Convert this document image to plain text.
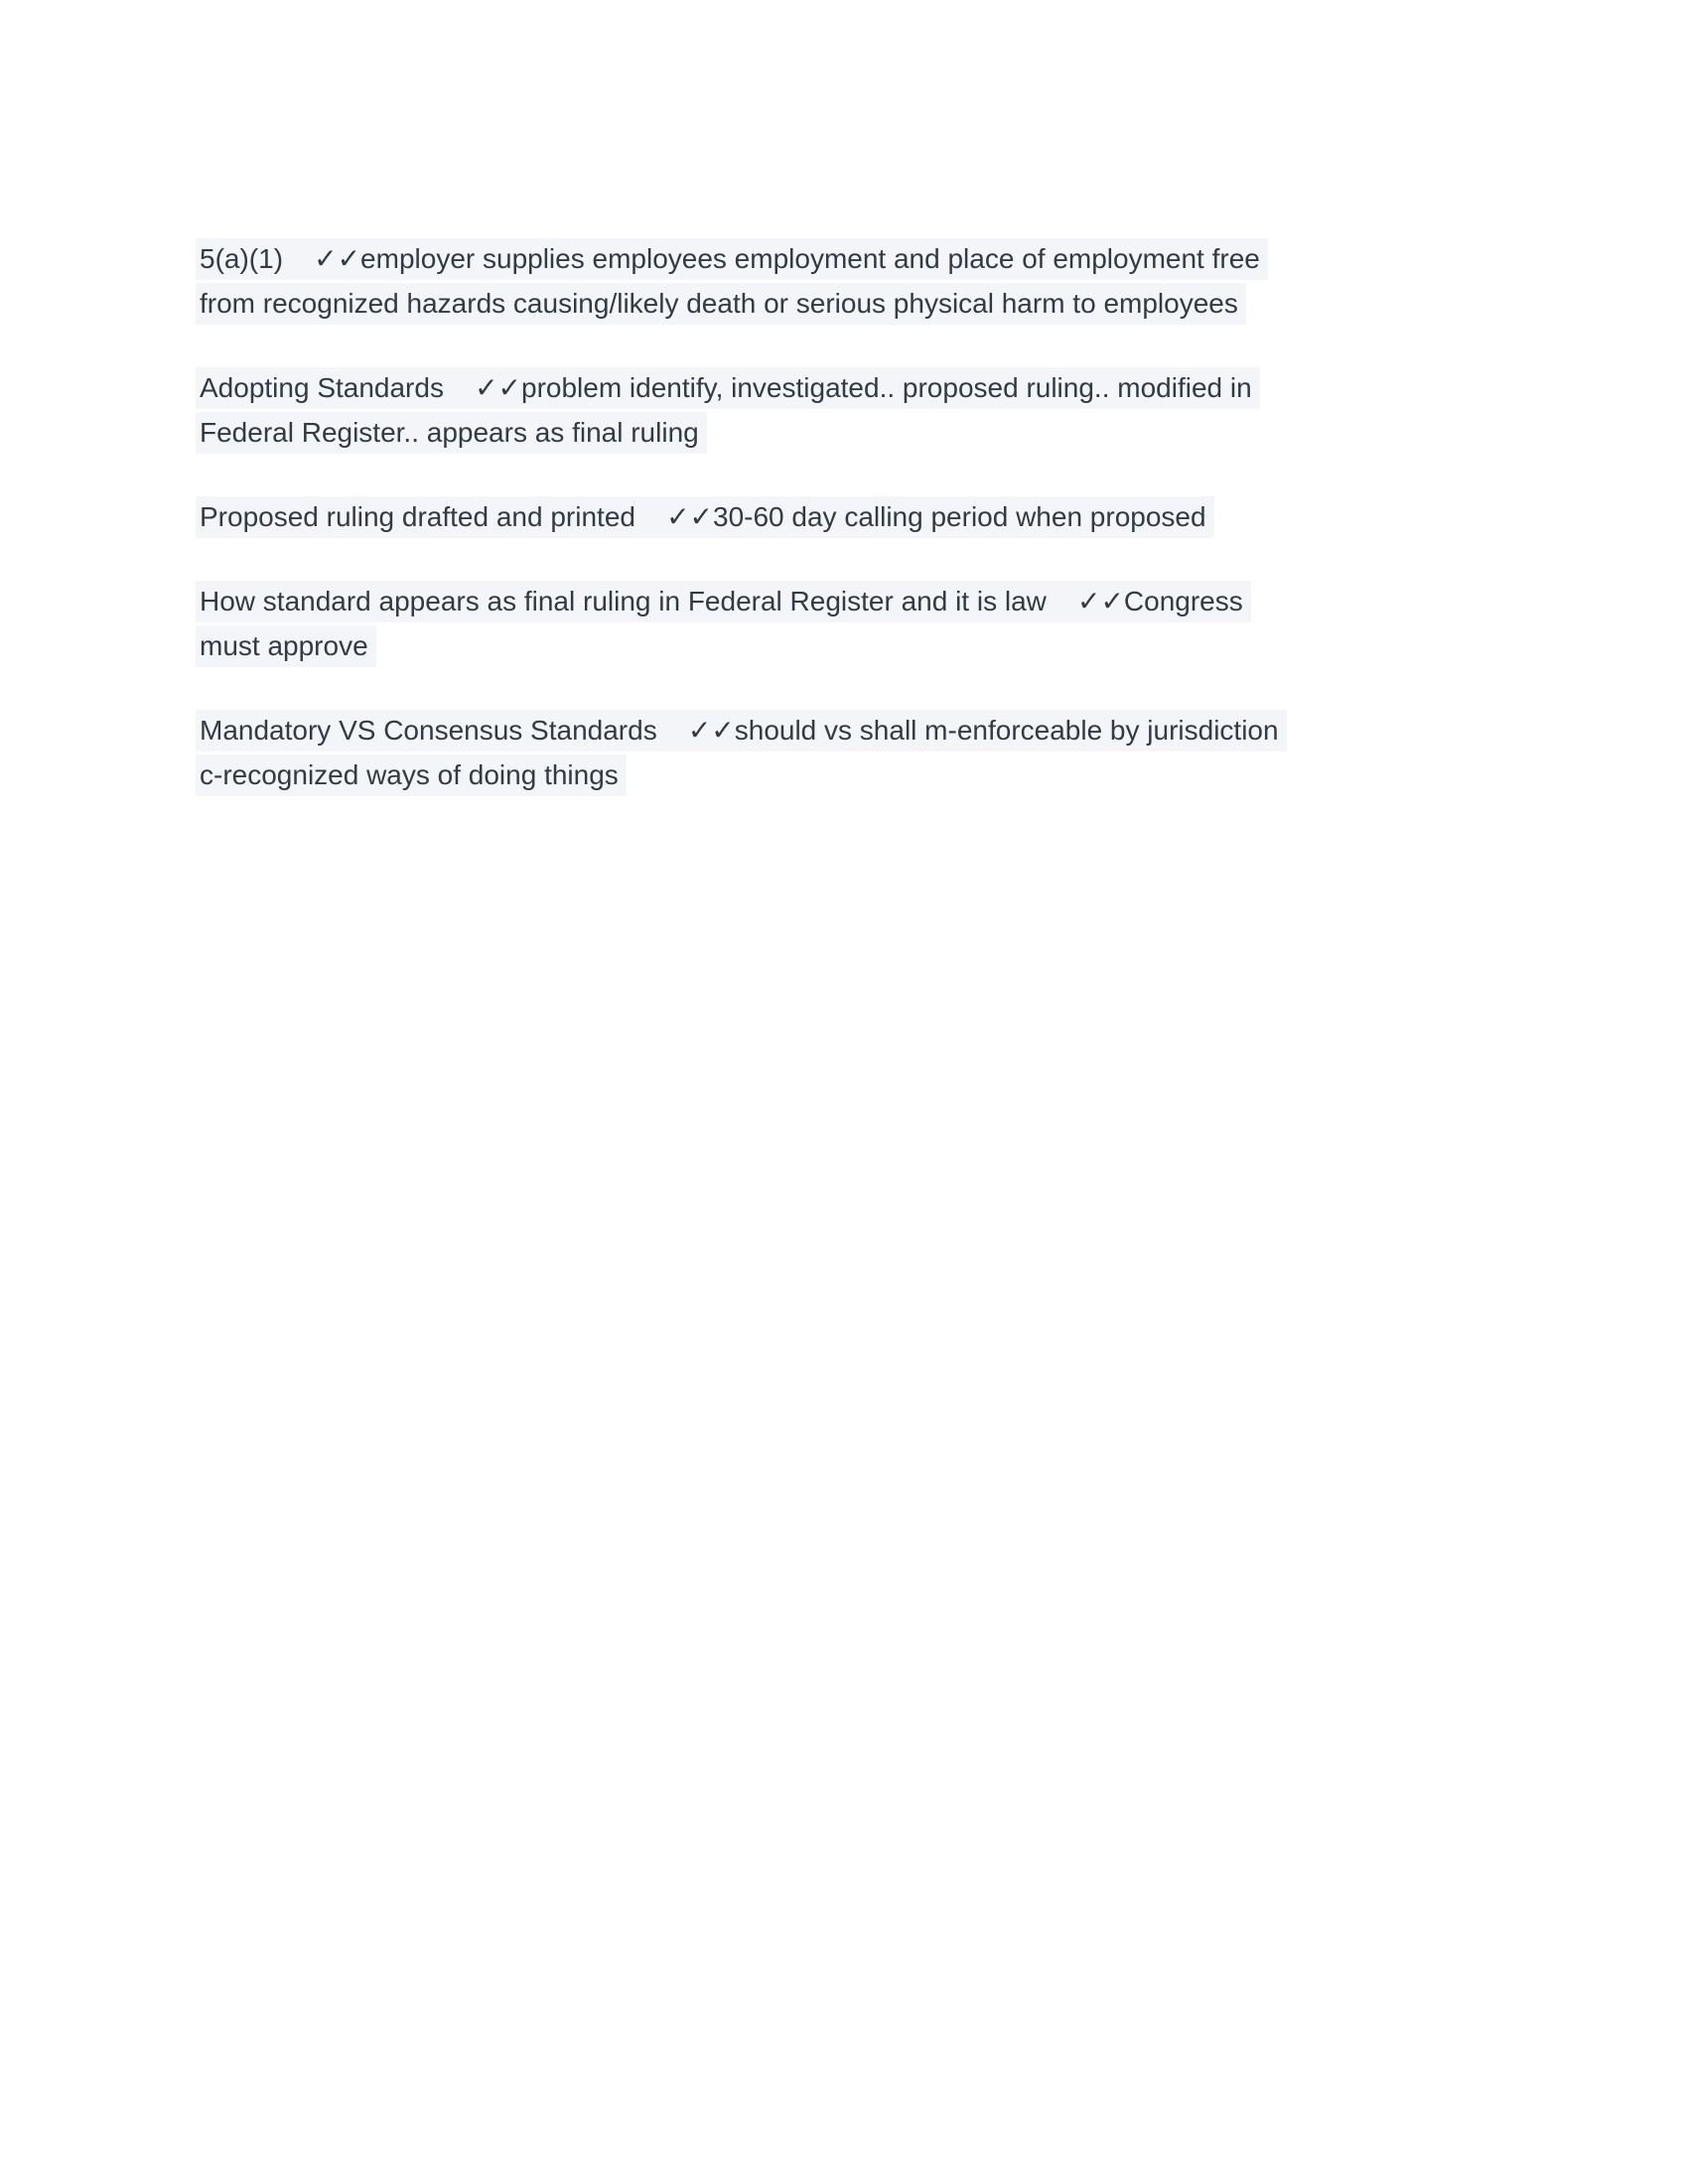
5(a)(1)    ✓✓employer supplies employees employment and place of employment free
from recognized hazards causing/likely death or serious physical harm to employees
Adopting Standards    ✓✓problem identify, investigated.. proposed ruling.. modified in
Federal Register.. appears as final ruling
Proposed ruling drafted and printed    ✓✓30-60 day calling period when proposed
How standard appears as final ruling in Federal Register and it is law    ✓✓Congress
must approve
Mandatory VS Consensus Standards    ✓✓should vs shall m-enforceable by jurisdiction
c-recognized ways of doing things
